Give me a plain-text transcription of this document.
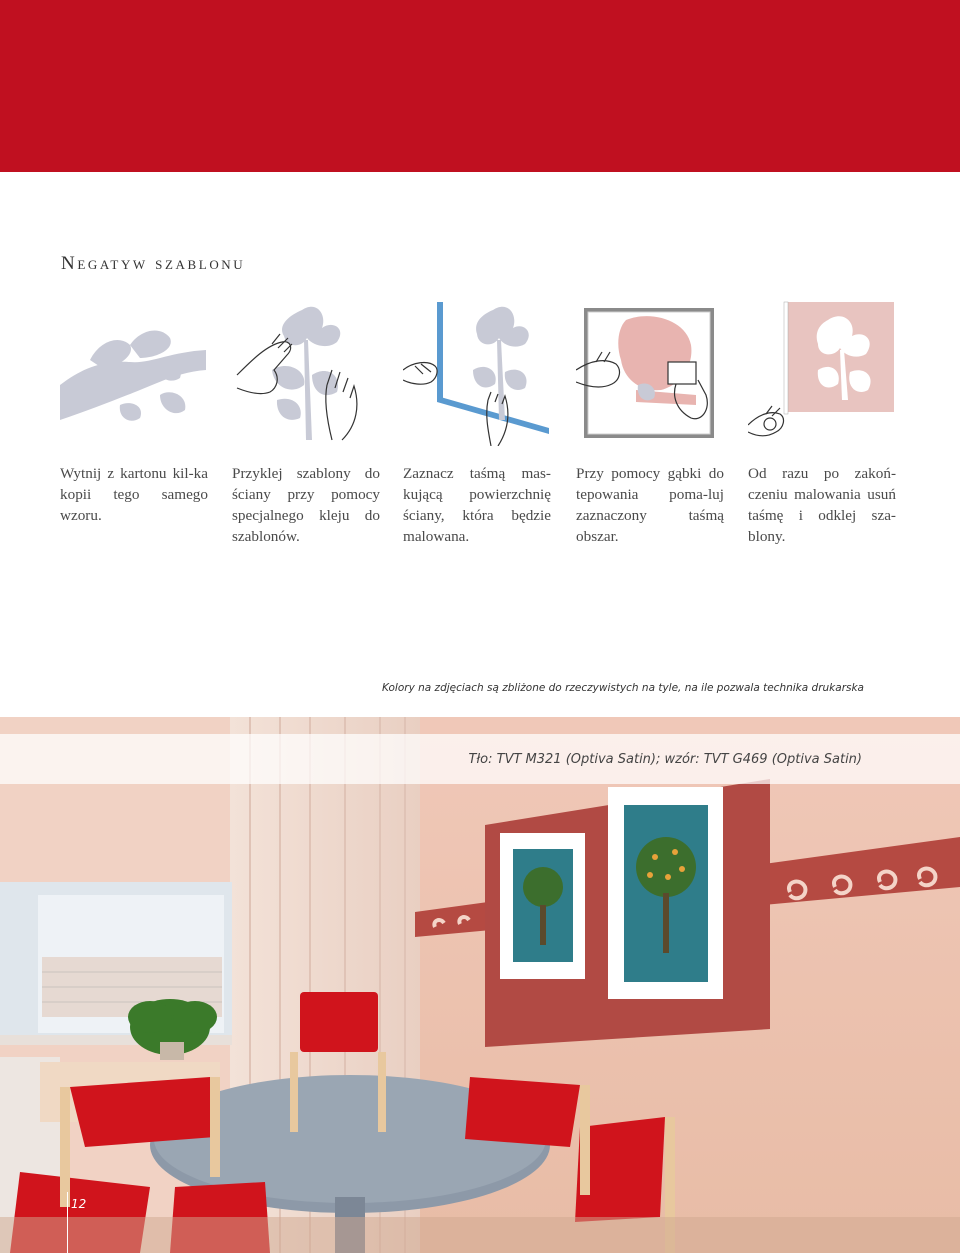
Negatyw szablonu
Wytnij z kartonu kil-ka kopii tego samego wzoru.
Przyklej szablony do ściany przy pomocy specjalnego kleju do szablonów.
Zaznacz taśmą mas-kującą powierzchnię ściany, która będzie malowana.
Przy pomocy gąbki do tepowania poma-luj zaznaczony taśmą obszar.
Od razu po zakoń-czeniu malowania usuń taśmę i odklej sza-blony.
Kolory na zdjęciach są zbliżone do rzeczywistych na tyle, na ile pozwala technika drukarska
Tło: TVT M321 (Optiva Satin); wzór: TVT G469 (Optiva Satin)
12
